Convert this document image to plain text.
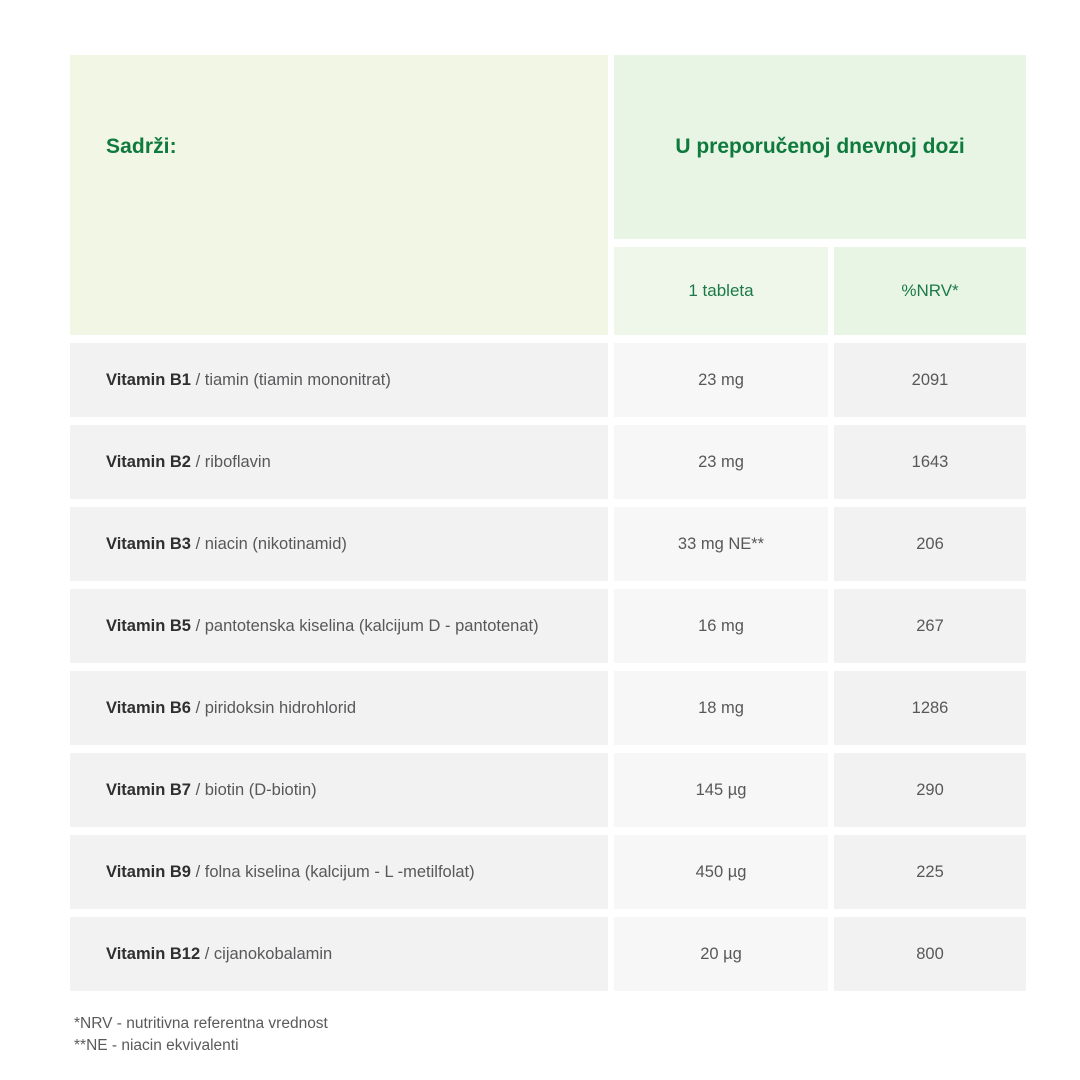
Sadrži:		U preporučenoj dnevnoj dozi		

		1 tableta		%NRV*

Vitamin B1 / tiamin (tiamin mononitrat)		23 mg		2091

Vitamin B2 / riboflavin		23 mg		1643

Vitamin B3 / niacin (nikotinamid)		33 mg NE**		206

Vitamin B5 / pantotenska kiselina (kalcijum D - pantotenat)		16 mg		267

Vitamin B6 / piridoksin hidrohlorid		18 mg		1286

Vitamin B7 / biotin (D-biotin)		145 µg		290

Vitamin B9 / folna kiselina (kalcijum - L -metilfolat)		450 µg		225

Vitamin B12 / cijanokobalamin		20 µg		800
*NRV - nutritivna referentna vrednost
**NE - niacin ekvivalenti
